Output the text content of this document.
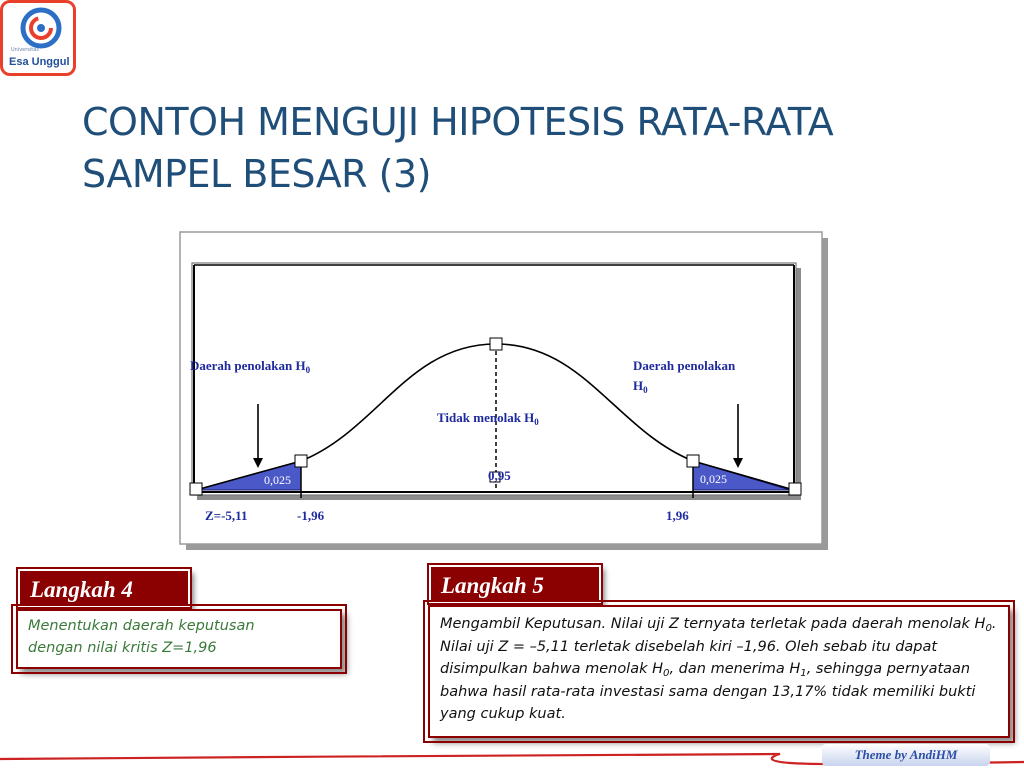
Universitas
Esa Unggul
CONTOH MENGUJI HIPOTESIS RATA-RATA
SAMPEL BESAR (3)
Daerah penolakan $H_0$	Daerah penolakan
$H_0$
Tidak menolak $H_0$
0,95
0,025	0,025
Z=-5,11	-1,96	1,96
Langkah 4
Menentukan daerah keputusan
dengan nilai kritis Z=1,96
Langkah 5
Mengambil Keputusan. Nilai uji Z ternyata terletak pada daerah menolak $H_0$. Nilai uji Z = –5,11 terletak disebelah kiri –1,96. Oleh sebab itu dapat disimpulkan bahwa menolak $H_0$, dan menerima $H_1$, sehingga pernyataan bahwa hasil rata-rata investasi sama dengan 13,17% tidak memiliki bukti yang cukup kuat.
Theme by AndiHM
